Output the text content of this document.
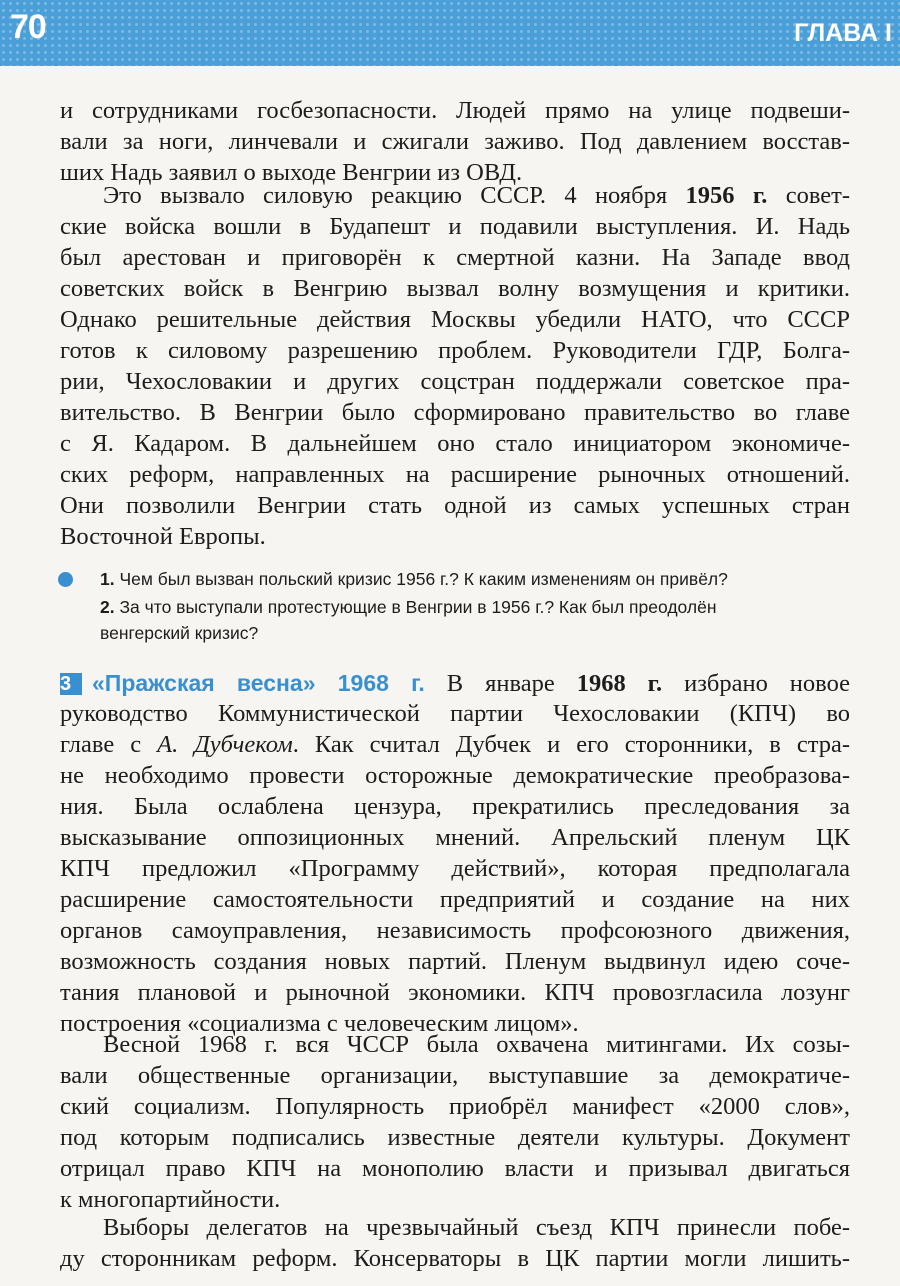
70	ГЛАВА I
и сотрудниками госбезопасности. Людей прямо на улице подвеши-
вали за ноги, линчевали и сжигали заживо. Под давлением восстав-
ших Надь заявил о выходе Венгрии из ОВД.
Это вызвало силовую реакцию СССР. 4 ноября 1956 г. совет-
ские войска вошли в Будапешт и подавили выступления. И. Надь
был арестован и приговорён к смертной казни. На Западе ввод
советских войск в Венгрию вызвал волну возмущения и критики.
Однако решительные действия Москвы убедили НАТО, что СССР
готов к силовому разрешению проблем. Руководители ГДР, Болга-
рии, Чехословакии и других соцстран поддержали советское пра-
вительство. В Венгрии было сформировано правительство во главе
с Я. Кадаром. В дальнейшем оно стало инициатором экономиче-
ских реформ, направленных на расширение рыночных отношений.
Они позволили Венгрии стать одной из самых успешных стран
Восточной Европы.
1. Чем был вызван польский кризис 1956 г.? К каким изменениям он привёл?
2. За что выступали протестующие в Венгрии в 1956 г.? Как был преодолён
венгерский кризис?
3 «Пражская весна» 1968 г. В январе 1968 г. избрано новое
руководство Коммунистической партии Чехословакии (КПЧ) во
главе с А. Дубчеком. Как считал Дубчек и его сторонники, в стра-
не необходимо провести осторожные демократические преобразова-
ния. Была ослаблена цензура, прекратились преследования за
высказывание оппозиционных мнений. Апрельский пленум ЦК
КПЧ предложил «Программу действий», которая предполагала
расширение самостоятельности предприятий и создание на них
органов самоуправления, независимость профсоюзного движения,
возможность создания новых партий. Пленум выдвинул идею соче-
тания плановой и рыночной экономики. КПЧ провозгласила лозунг
построения «социализма с человеческим лицом».
Весной 1968 г. вся ЧССР была охвачена митингами. Их созы-
вали общественные организации, выступавшие за демократиче-
ский социализм. Популярность приобрёл манифест «2000 слов»,
под которым подписались известные деятели культуры. Документ
отрицал право КПЧ на монополию власти и призывал двигаться
к многопартийности.
Выборы делегатов на чрезвычайный съезд КПЧ принесли побе-
ду сторонникам реформ. Консерваторы в ЦК партии могли лишить-
